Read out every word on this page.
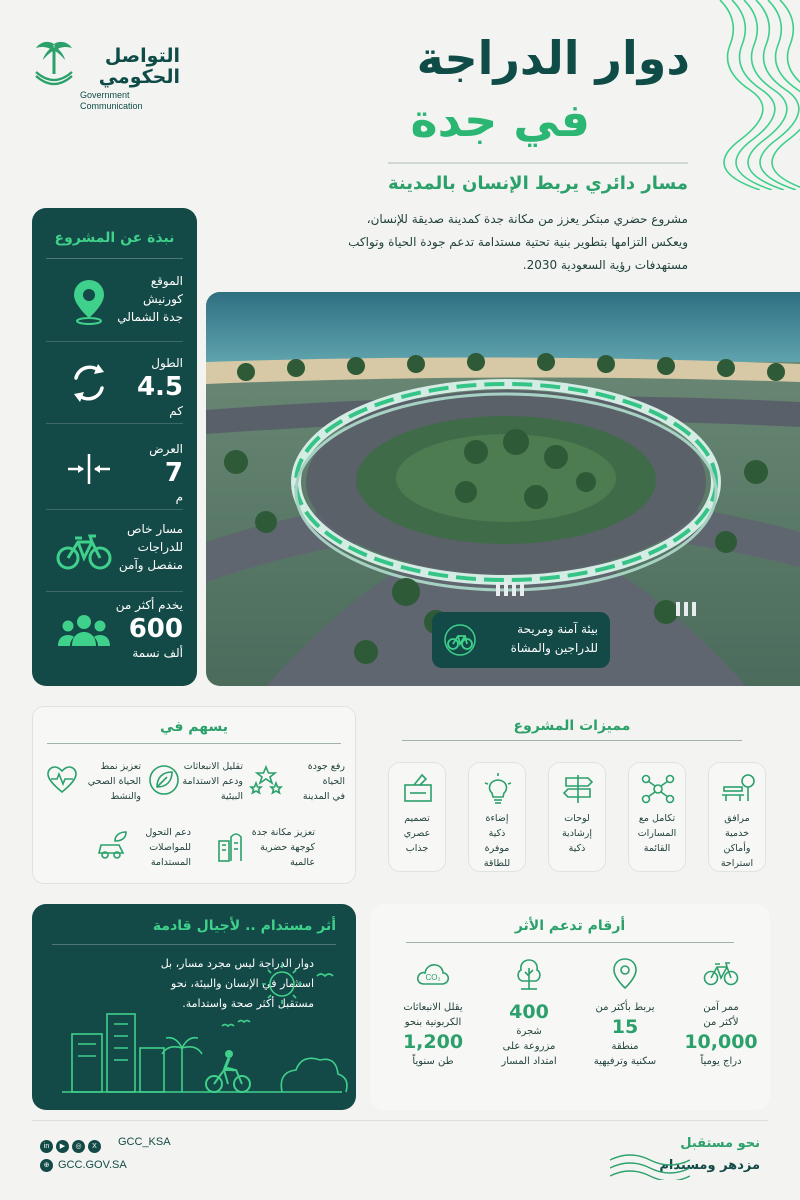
التواصل
الحكومي
Government
Communication
دوار الدراجة
في جدة
مسار دائري يربط الإنسان بالمدينة
مشروع حضري مبتكر يعزز من مكانة جدة كمدينة صديقة للإنسان،
ويعكس التزامها بتطوير بنية تحتية مستدامة تدعم جودة الحياة وتواكب
مستهدفات رؤية السعودية 2030.
نبذة عن المشروع
الموقع
كورنيش
جدة الشمالي
الطول
4.5
كم
العرض
7
م
مسار خاص
للدراجات
منفصل وآمن
يخدم أكثر من
600
ألف نسمة
بيئة آمنة ومريحة
للدراجين والمشاة
يسهم في
رفع جودة الحياة
في المدينة
تقليل الانبعاثات
ودعم الاستدامة
البيئية
تعزيز نمط
الحياة الصحي
والنشط
تعزيز مكانة جدة
كوجهة حضرية
عالمية
دعم التحول
للمواصلات
المستدامة
مميزات المشروع
مرافق خدمية
وأماكن
استراحة
تكامل مع
المسارات
القائمة
لوحات
إرشادية
ذكية
إضاءة
ذكية
موفرة للطاقة
تصميم
عصري
جذاب
أثر مستدام .. لأجيال قادمة
دوار الدراجة ليس مجرد مسار، بل
استثمار في الإنسان والبيئة، نحو
مستقبل أكثر صحة واستدامة.
أرقام تدعم الأثر
ممر آمن
لأكثر من
10,000
دراج يومياً
يربط بأكثر من
15
منطقة
سكنية وترفيهية
400
شجرة
مزروعة على
امتداد المسار
CO₂
يقلل الانبعاثات
الكربونية بنحو
1,200
طن سنوياً
X◎▶in	GCC_KSA
⊕ GCC.GOV.SA
نحو مستقبل
مزدهر ومستدام
